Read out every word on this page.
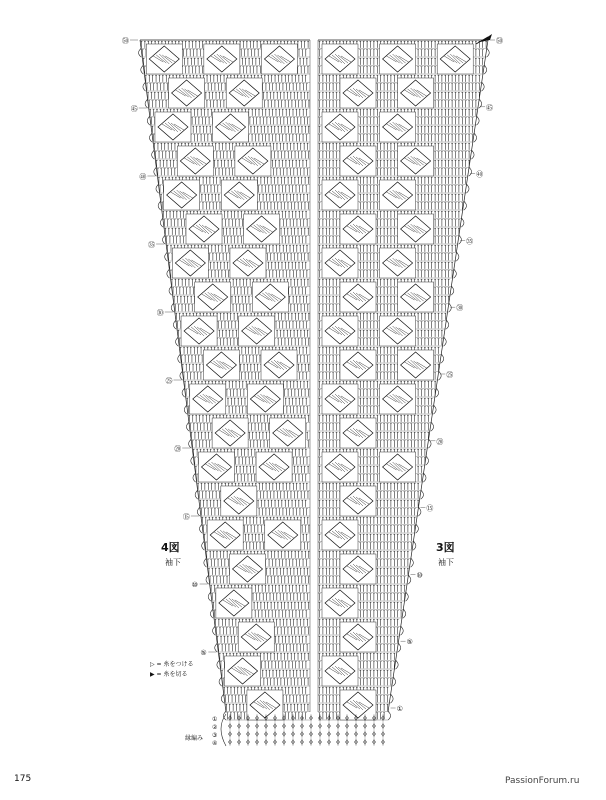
㊿
㊺
㊵
㉟
㉚
㉕
⑳
⑮
⑩
⑤
㊿
㊺
㊵
㉟
㉚
㉕
⑳
⑮
⑩
⑤
①
①
②
③
④
4図
袖下
3図
袖下
▷ = 糸をつける
▶ = 糸を切る
縁編み
175	PassionForum.ru
